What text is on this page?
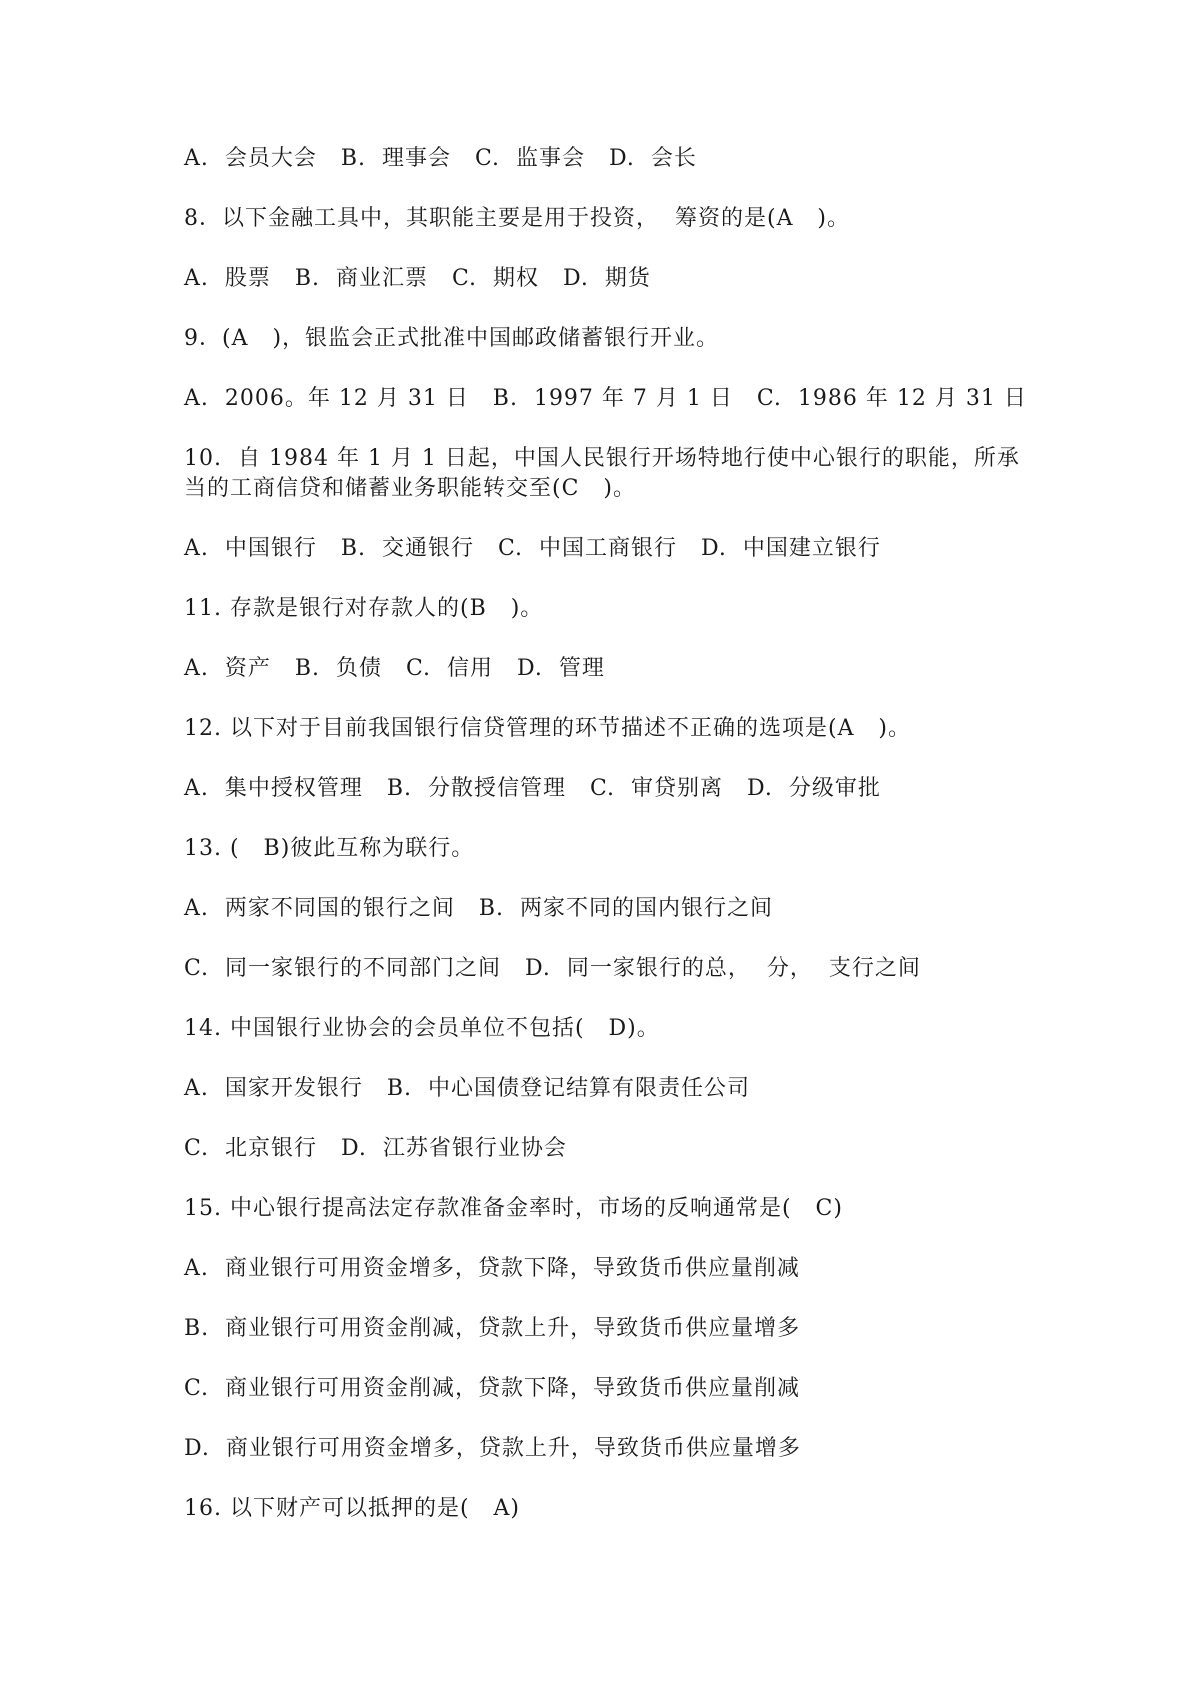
A.  会员大会   B.  理事会   C.  监事会   D.  会长
8．以下金融工具中，其职能主要是用于投资，  筹资的是(A   )。
A.  股票   B.  商业汇票   C.  期权   D.  期货
9．(A   )，银监会正式批准中国邮政储蓄银行开业。
A.  2006。年 12 月 31 日   B.  1997 年 7 月 1 日   C.  1986 年 12 月 31 日
10.  自 1984 年 1 月 1 日起，中国人民银行开场特地行使中心银行的职能，所承
当的工商信贷和储蓄业务职能转交至(C   )。
A.  中国银行   B.  交通银行   C.  中国工商银行   D.  中国建立银行
11. 存款是银行对存款人的(B   )。
A.  资产   B.  负债   C.  信用   D.  管理
12. 以下对于目前我国银行信贷管理的环节描述不正确的选项是(A   )。
A.  集中授权管理   B.  分散授信管理   C.  审贷别离   D.  分级审批
13. (   B)彼此互称为联行。
A.  两家不同国的银行之间   B.  两家不同的国内银行之间
C.  同一家银行的不同部门之间   D.  同一家银行的总，  分，  支行之间
14. 中国银行业协会的会员单位不包括(   D)。
A.  国家开发银行   B.  中心国债登记结算有限责任公司
C.  北京银行   D.  江苏省银行业协会
15. 中心银行提高法定存款准备金率时，市场的反响通常是(   C)
A.  商业银行可用资金增多，贷款下降，导致货币供应量削减
B.  商业银行可用资金削减，贷款上升，导致货币供应量增多
C.  商业银行可用资金削减，贷款下降，导致货币供应量削减
D.  商业银行可用资金增多，贷款上升，导致货币供应量增多
16. 以下财产可以抵押的是(   A)
